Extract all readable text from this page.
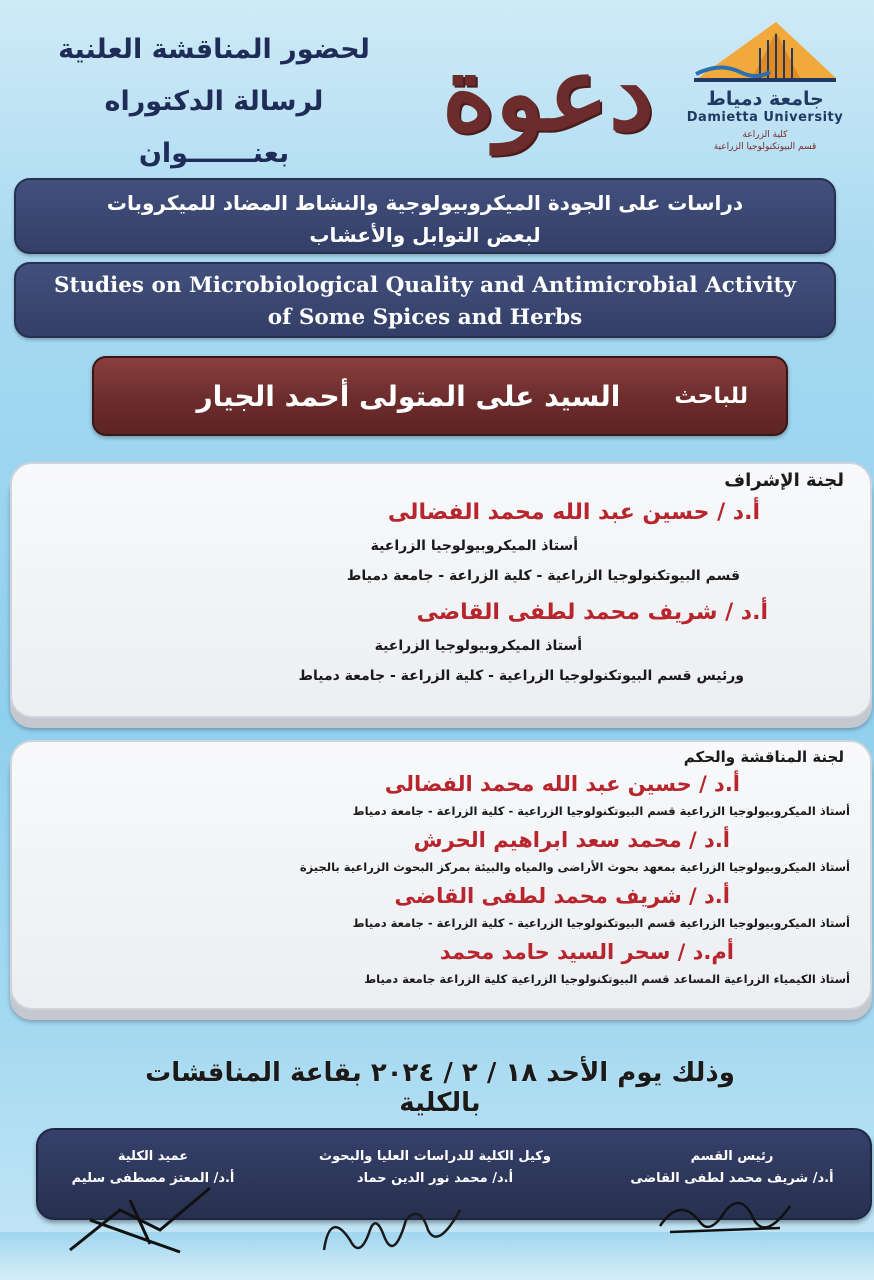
جامعة دمياط
Damietta University
كلية الزراعة
قسم البيوتكنولوجيا الزراعية
دعوة
لحضور المناقشة العلنية
لرسالة الدكتوراه
بعنـــــــوان
دراسات على الجودة الميكروبيولوجية والنشاط المضاد للميكروبات
لبعض التوابل والأعشاب
Studies on Microbiological Quality and Antimicrobial Activity
of Some Spices and Herbs
للباحث
السيد على المتولى أحمد الجيار
لجنة الإشراف
أ.د / حسين عبد الله محمد الفضالى
أستاذ الميكروبيولوجيا الزراعية
قسم البيوتكنولوجيا الزراعية - كلية الزراعة - جامعة دمياط
أ.د / شريف محمد لطفى القاضى
أستاذ الميكروبيولوجيا الزراعية
ورئيس قسم البيوتكنولوجيا الزراعية - كلية الزراعة - جامعة دمياط
لجنة المناقشة والحكم
أ.د / حسين عبد الله محمد الفضالى
أستاذ الميكروبيولوجيا الزراعية قسم البيوتكنولوجيا الزراعية - كلية الزراعة - جامعة دمياط
أ.د / محمد سعد ابراهيم الحرش
أستاذ الميكروبيولوجيا الزراعية بمعهد بحوث الأراضى والمياه والبيئة بمركز البحوث الزراعية بالجيزة
أ.د / شريف محمد لطفى القاضى
أستاذ الميكروبيولوجيا الزراعية قسم البيوتكنولوجيا الزراعية - كلية الزراعة - جامعة دمياط
أم.د / سحر السيد حامد محمد
أستاذ الكيمياء الزراعية المساعد قسم البيوتكنولوجيا الزراعية كلية الزراعة جامعة دمياط
وذلك يوم الأحد ١٨ / ٢ / ٢٠٢٤ بقاعة المناقشات بالكلية
رئيس القسم
أ.د/ شريف محمد لطفى القاضى
وكيل الكلية للدراسات العليا والبحوث
أ.د/ محمد نور الدين حماد
عميد الكلية
أ.د/ المعتز مصطفى سليم
